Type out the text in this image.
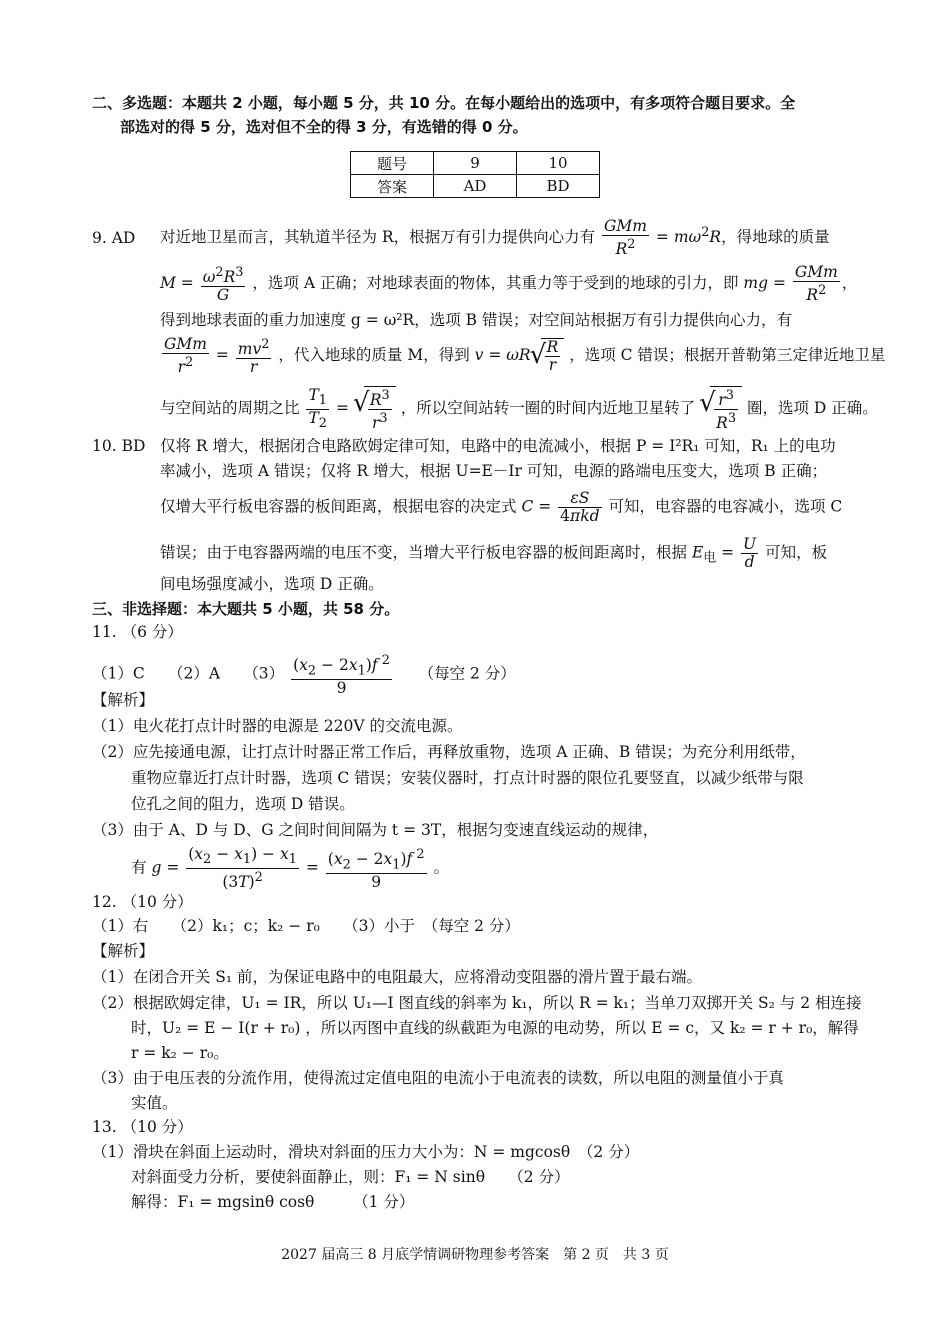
二、多选题：本题共 2 小题，每小题 5 分，共 10 分。在每小题给出的选项中，有多项符合题目要求。全
部选对的得 5 分，选对但不全的得 3 分，有选错的得 0 分。
题号	9	10
答案	AD	BD
9. AD 对近地卫星而言，其轨道半径为 R，根据万有引力提供向心力有 $\frac{\text{GMm}}{R^2} = m\omega^2R$，得地球的质量
$M = \frac{\omega^2R^3}{G}$ ，选项 A 正确；对地球表面的物体，其重力等于受到的地球的引力，即 mg = $\frac{\text{GMm}}{R^2}$ ，
得到地球表面的重力加速度 g = ω²R，选项 B 错误；对空间站根据万有引力提供向心力，有
$\frac{\text{GMm}}{r^2} = \frac{mv^2}{r}$ ，代入地球的质量 M，得到 v = ωR √ $\frac{R}{r}$ ，选项 C 错误；根据开普勒第三定律近地卫星
与空间站的周期之比 $\frac{T_1}{T_2}$ = √ $\frac{R^3}{r^3}$ ，所以空间站转一圈的时间内近地卫星转了 √ $\frac{r^3}{R^3}$ 圈，选项 D 正确。
10. BD 仅将 R 增大，根据闭合电路欧姆定律可知，电路中的电流减小，根据 P = I²R₁ 可知，R₁ 上的电功
率减小，选项 A 错误；仅将 R 增大，根据 U=E－Ir 可知，电源的路端电压变大，选项 B 正确；
仅增大平行板电容器的板间距离，根据电容的决定式 $C = \frac{\varepsilon S}{\text{4πkd}}$ 可知，电容器的电容减小，选项 C
错误；由于电容器两端的电压不变，当增大平行板电容器的板间距离时，根据 $E_电 = \frac{U}{d}$ 可知，板
间电场强度减小，选项 D 正确。
三、非选择题：本大题共 5 小题，共 58 分。
11. （6 分）
（1）C　　（2）A　　$(3) \frac{(x_2 - 2x_1)f ^2}{9}$ （每空 2 分）
【解析】
（1）电火花打点计时器的电源是 220V 的交流电源。
（2）应先接通电源，让打点计时器正常工作后，再释放重物，选项 A 正确、B 错误；为充分利用纸带，
重物应靠近打点计时器，选项 C 错误；安装仪器时，打点计时器的限位孔要竖直，以减少纸带与限
位孔之间的阻力，选项 D 错误。
（3）由于 A、D 与 D、G 之间时间间隔为 t = 3T，根据匀变速直线运动的规律，
有 $g = \frac{(x_2 - x_1) - x_1}{(3T)^2} = \frac{(x_2 - 2x_1)f ^2}{9}$ 。
12. （10 分）
（1）右　　（2）k₁；c；k₂ − r₀　　（3）小于　（每空 2 分）
【解析】
（1）在闭合开关 S₁ 前，为保证电路中的电阻最大，应将滑动变阻器的滑片置于最右端。
（2）根据欧姆定律，U₁ = IR，所以 U₁—I 图直线的斜率为 k₁，所以 R = k₁；当单刀双掷开关 S₂ 与 2 相连接
时，U₂ = E − I(r + r₀) ，所以丙图中直线的纵截距为电源的电动势，所以 E = c，又 k₂ = r + r₀，解得
r = k₂ − r₀。
（3）由于电压表的分流作用，使得流过定值电阻的电流小于电流表的读数，所以电阻的测量值小于真
实值。
13. （10 分）
（1）滑块在斜面上运动时，滑块对斜面的压力大小为：N = mgcosθ　（2 分）
对斜面受力分析，要使斜面静止，则：F₁ = N sinθ　　（2 分）
解得：F₁ = mgsinθ cosθ　　　（1 分）
2027 届高三 8 月底学情调研物理参考答案　第 2 页　共 3 页
